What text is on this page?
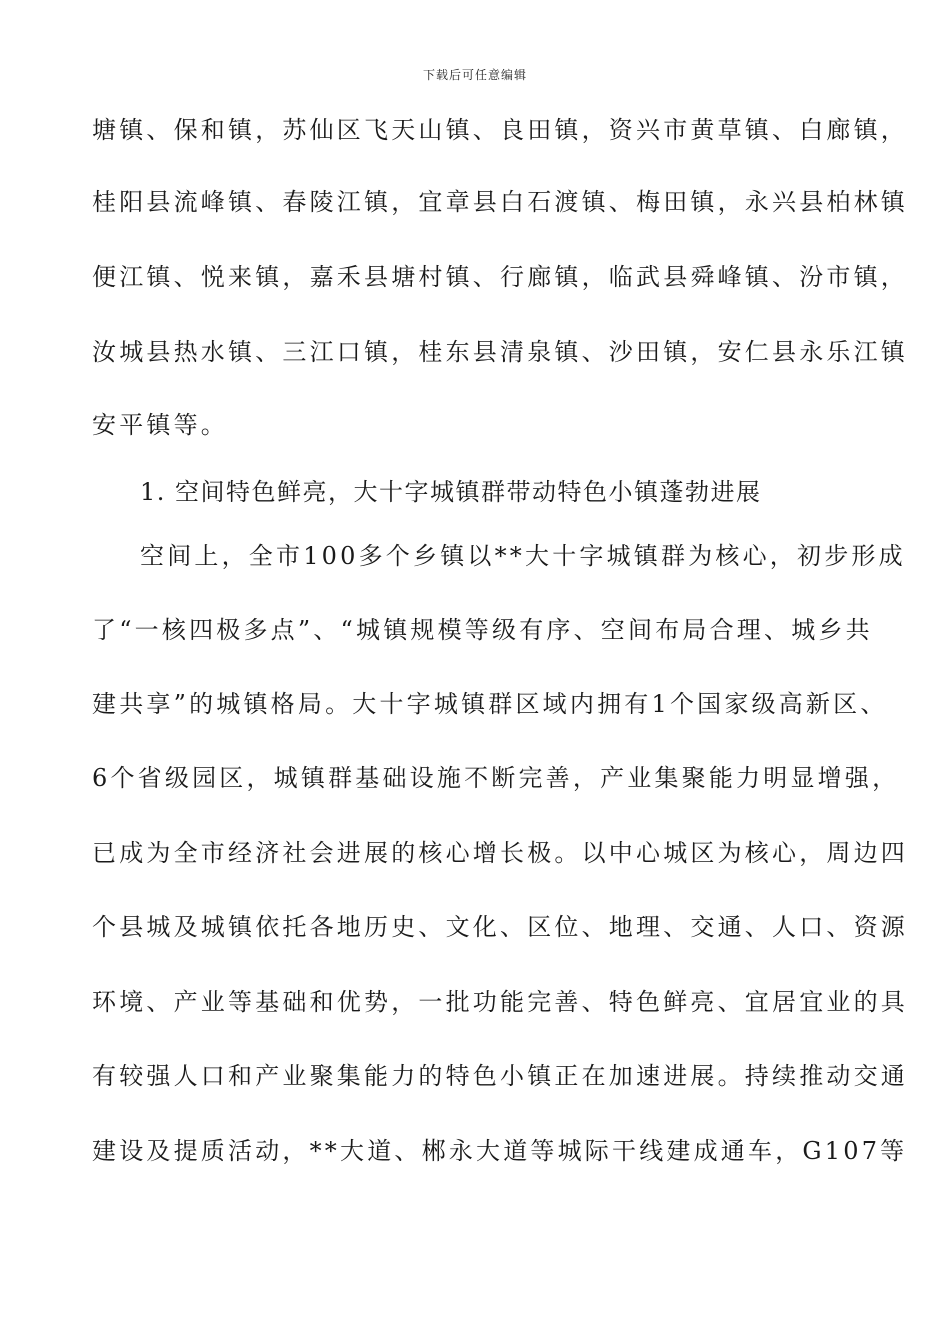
下载后可任意编辑
塘镇、保和镇，苏仙区飞天山镇、良田镇，资兴市黄草镇、白廊镇，
桂阳县流峰镇、春陵江镇，宜章县白石渡镇、梅田镇，永兴县柏林镇
便江镇、悦来镇，嘉禾县塘村镇、行廊镇，临武县舜峰镇、汾市镇，
汝城县热水镇、三江口镇，桂东县清泉镇、沙田镇，安仁县永乐江镇
安平镇等。
1. 空间特色鲜亮，大十字城镇群带动特色小镇蓬勃进展
空间上，全市100多个乡镇以**大十字城镇群为核心，初步形成
了“一核四极多点”、“城镇规模等级有序、空间布局合理、城乡共
建共享”的城镇格局。大十字城镇群区域内拥有1个国家级高新区、
6个省级园区，城镇群基础设施不断完善，产业集聚能力明显增强，
已成为全市经济社会进展的核心增长极。以中心城区为核心，周边四
个县城及城镇依托各地历史、文化、区位、地理、交通、人口、资源
环境、产业等基础和优势，一批功能完善、特色鲜亮、宜居宜业的具
有较强人口和产业聚集能力的特色小镇正在加速进展。持续推动交通
建设及提质活动，**大道、郴永大道等城际干线建成通车，G107等
